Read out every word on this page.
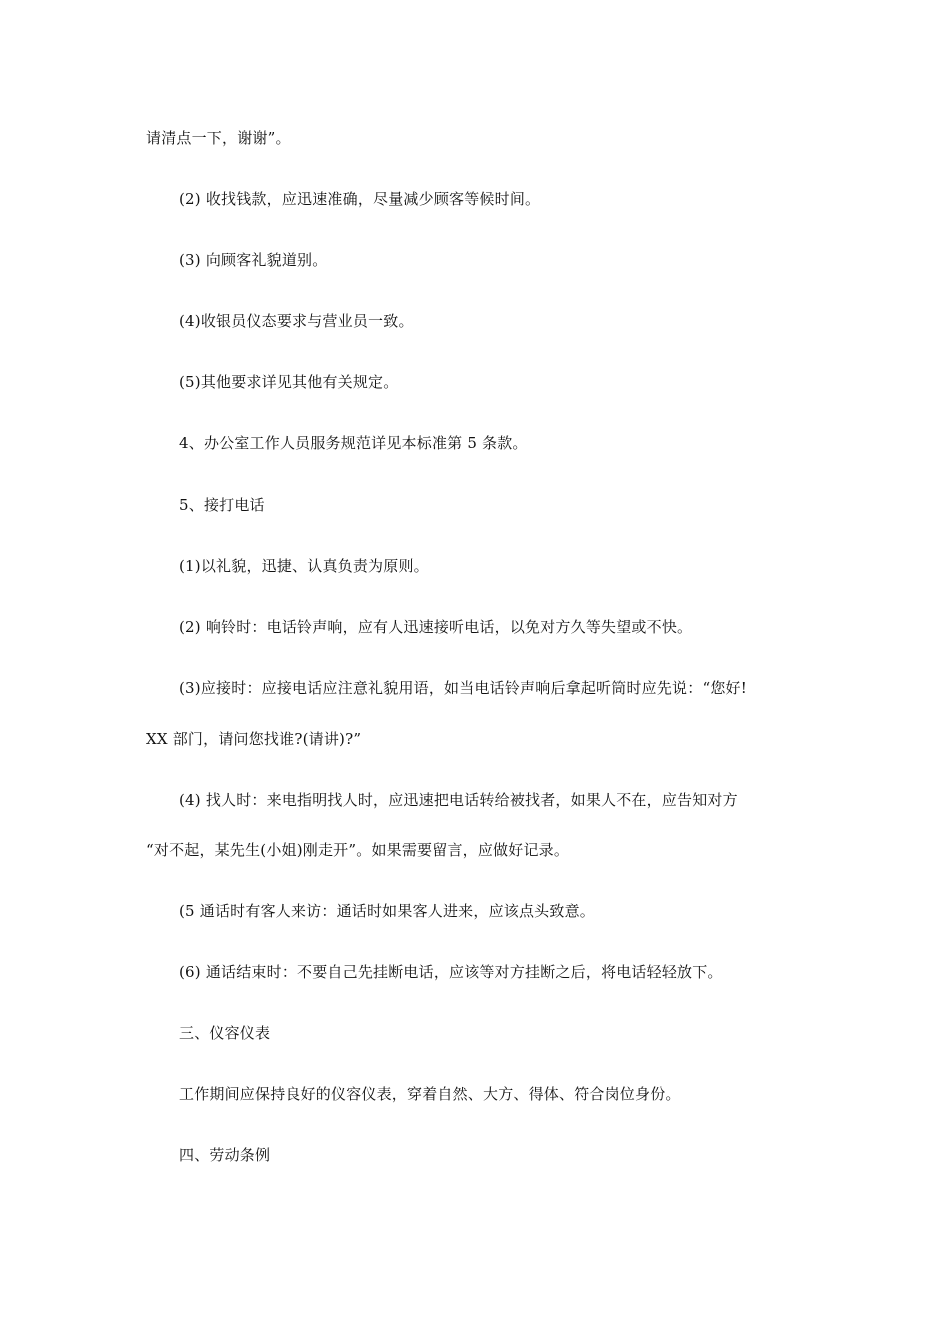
请清点一下，谢谢”。
(2) 收找钱款，应迅速准确，尽量减少顾客等候时间。
(3) 向顾客礼貌道别。
(4)收银员仪态要求与营业员一致。
(5)其他要求详见其他有关规定。
4、办公室工作人员服务规范详见本标准第 5 条款。
5、接打电话
(1)以礼貌，迅捷、认真负责为原则。
(2) 响铃时：电话铃声响，应有人迅速接听电话，以免对方久等失望或不快。
(3)应接时：应接电话应注意礼貌用语，如当电话铃声响后拿起听筒时应先说：“您好!
XX 部门，请问您找谁?(请讲)?”
(4) 找人时：来电指明找人时，应迅速把电话转给被找者，如果人不在，应告知对方
“对不起，某先生(小姐)刚走开”。如果需要留言，应做好记录。
(5 通话时有客人来访：通话时如果客人进来，应该点头致意。
(6) 通话结束时：不要自己先挂断电话，应该等对方挂断之后，将电话轻轻放下。
三、仪容仪表
工作期间应保持良好的仪容仪表，穿着自然、大方、得体、符合岗位身份。
四、劳动条例
